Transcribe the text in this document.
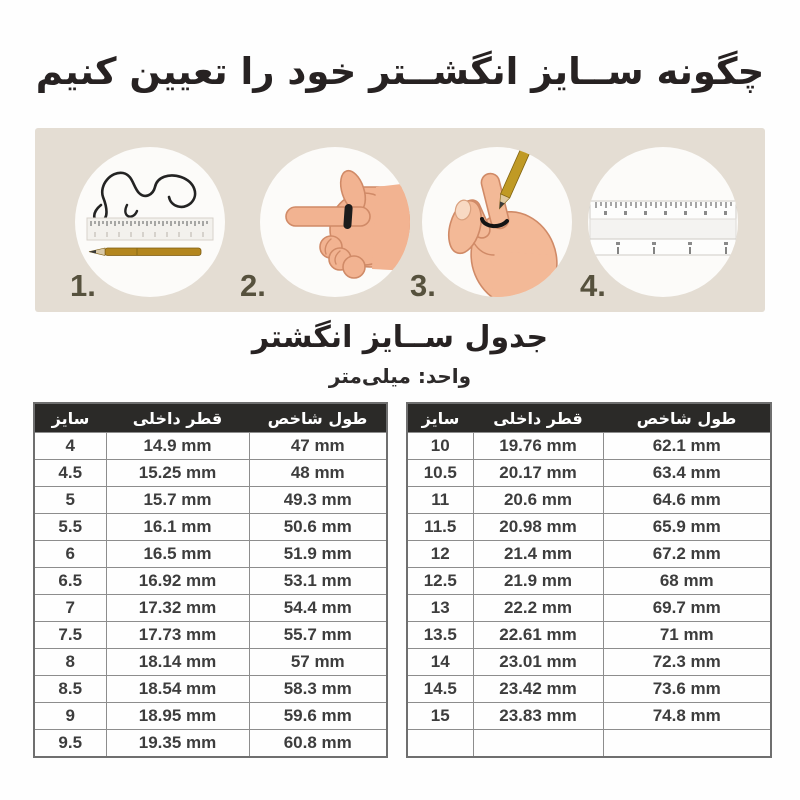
چگونه ســایز انگشــتر خود را تعیین کنیم
1.	2.	3.	4.
جدول ســایز انگشتر
واحد: میلی‌متر
سایز	قطر داخلی	طول شاخص
4	14.9 mm	47 mm
4.5	15.25 mm	48 mm
5	15.7 mm	49.3 mm
5.5	16.1 mm	50.6 mm
6	16.5 mm	51.9 mm
6.5	16.92 mm	53.1 mm
7	17.32 mm	54.4 mm
7.5	17.73 mm	55.7 mm
8	18.14 mm	57 mm
8.5	18.54 mm	58.3 mm
9	18.95 mm	59.6 mm
9.5	19.35 mm	60.8 mm
سایز	قطر داخلی	طول شاخص
10	19.76 mm	62.1 mm
10.5	20.17 mm	63.4 mm
11	20.6 mm	64.6 mm
11.5	20.98 mm	65.9 mm
12	21.4 mm	67.2 mm
12.5	21.9 mm	68 mm
13	22.2 mm	69.7 mm
13.5	22.61 mm	71 mm
14	23.01 mm	72.3 mm
14.5	23.42 mm	73.6 mm
15	23.83 mm	74.8 mm
